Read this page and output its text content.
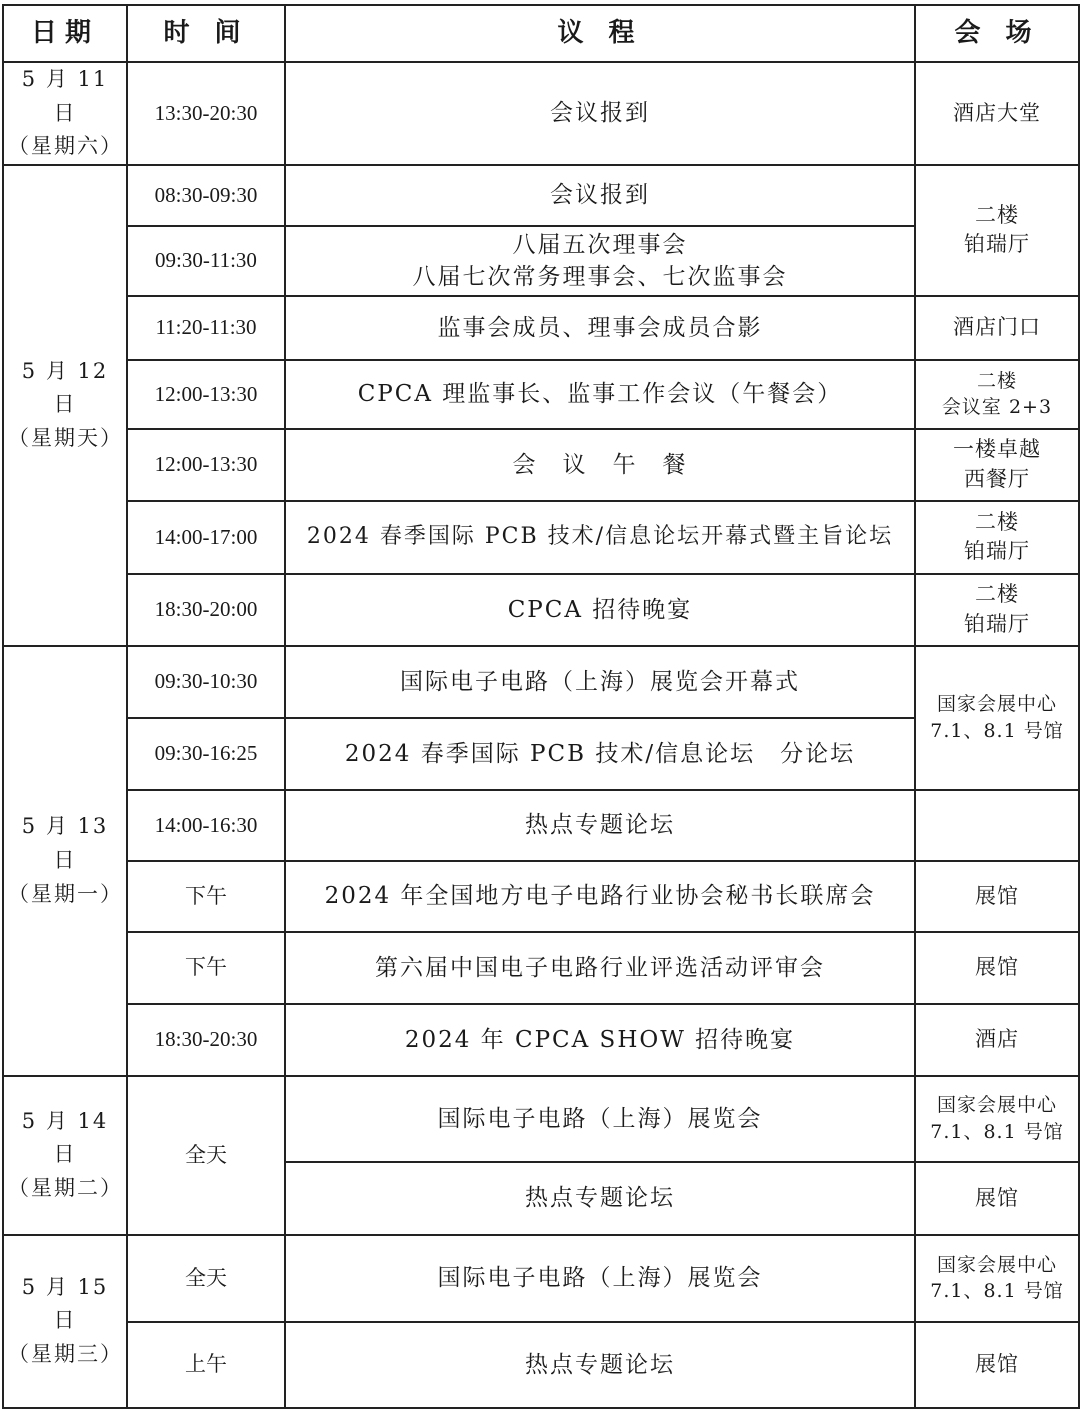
日期	时 间	议 程	会 场

5 月 11 日
（星期六）	13:30-20:30	会议报到	酒店大堂

5 月 12 日
（星期天）	08:30-09:30	会议报到	二楼
铂瑞厅

	09:30-11:30	八届五次理事会
八届七次常务理事会、七次监事会	

	11:20-11:30	监事会成员、理事会成员合影	酒店门口
	12:00-13:30	CPCA 理监事长、监事工作会议（午餐会）	二楼
会议室 2+3

	12:00-13:30	会　议　午　餐	一楼卓越
西餐厅

	14:00-17:00	2024 春季国际 PCB 技术/信息论坛开幕式暨主旨论坛	二楼
铂瑞厅

	18:30-20:00	CPCA 招待晚宴	二楼
铂瑞厅

5 月 13 日
（星期一）	09:30-10:30	国际电子电路（上海）展览会开幕式	国家会展中心
7.1、8.1 号馆

	09:30-16:25	2024 春季国际 PCB 技术/信息论坛　分论坛	
	14:00-16:30	热点专题论坛	
	下午	2024 年全国地方电子电路行业协会秘书长联席会	展馆
	下午	第六届中国电子电路行业评选活动评审会	展馆
	18:30-20:30	2024 年 CPCA SHOW 招待晚宴	酒店

5 月 14 日
（星期二）	全天	国际电子电路（上海）展览会	国家会展中心
7.1、8.1 号馆

		热点专题论坛	展馆

5 月 15 日
（星期三）	全天	国际电子电路（上海）展览会	国家会展中心
7.1、8.1 号馆

	上午	热点专题论坛	展馆
